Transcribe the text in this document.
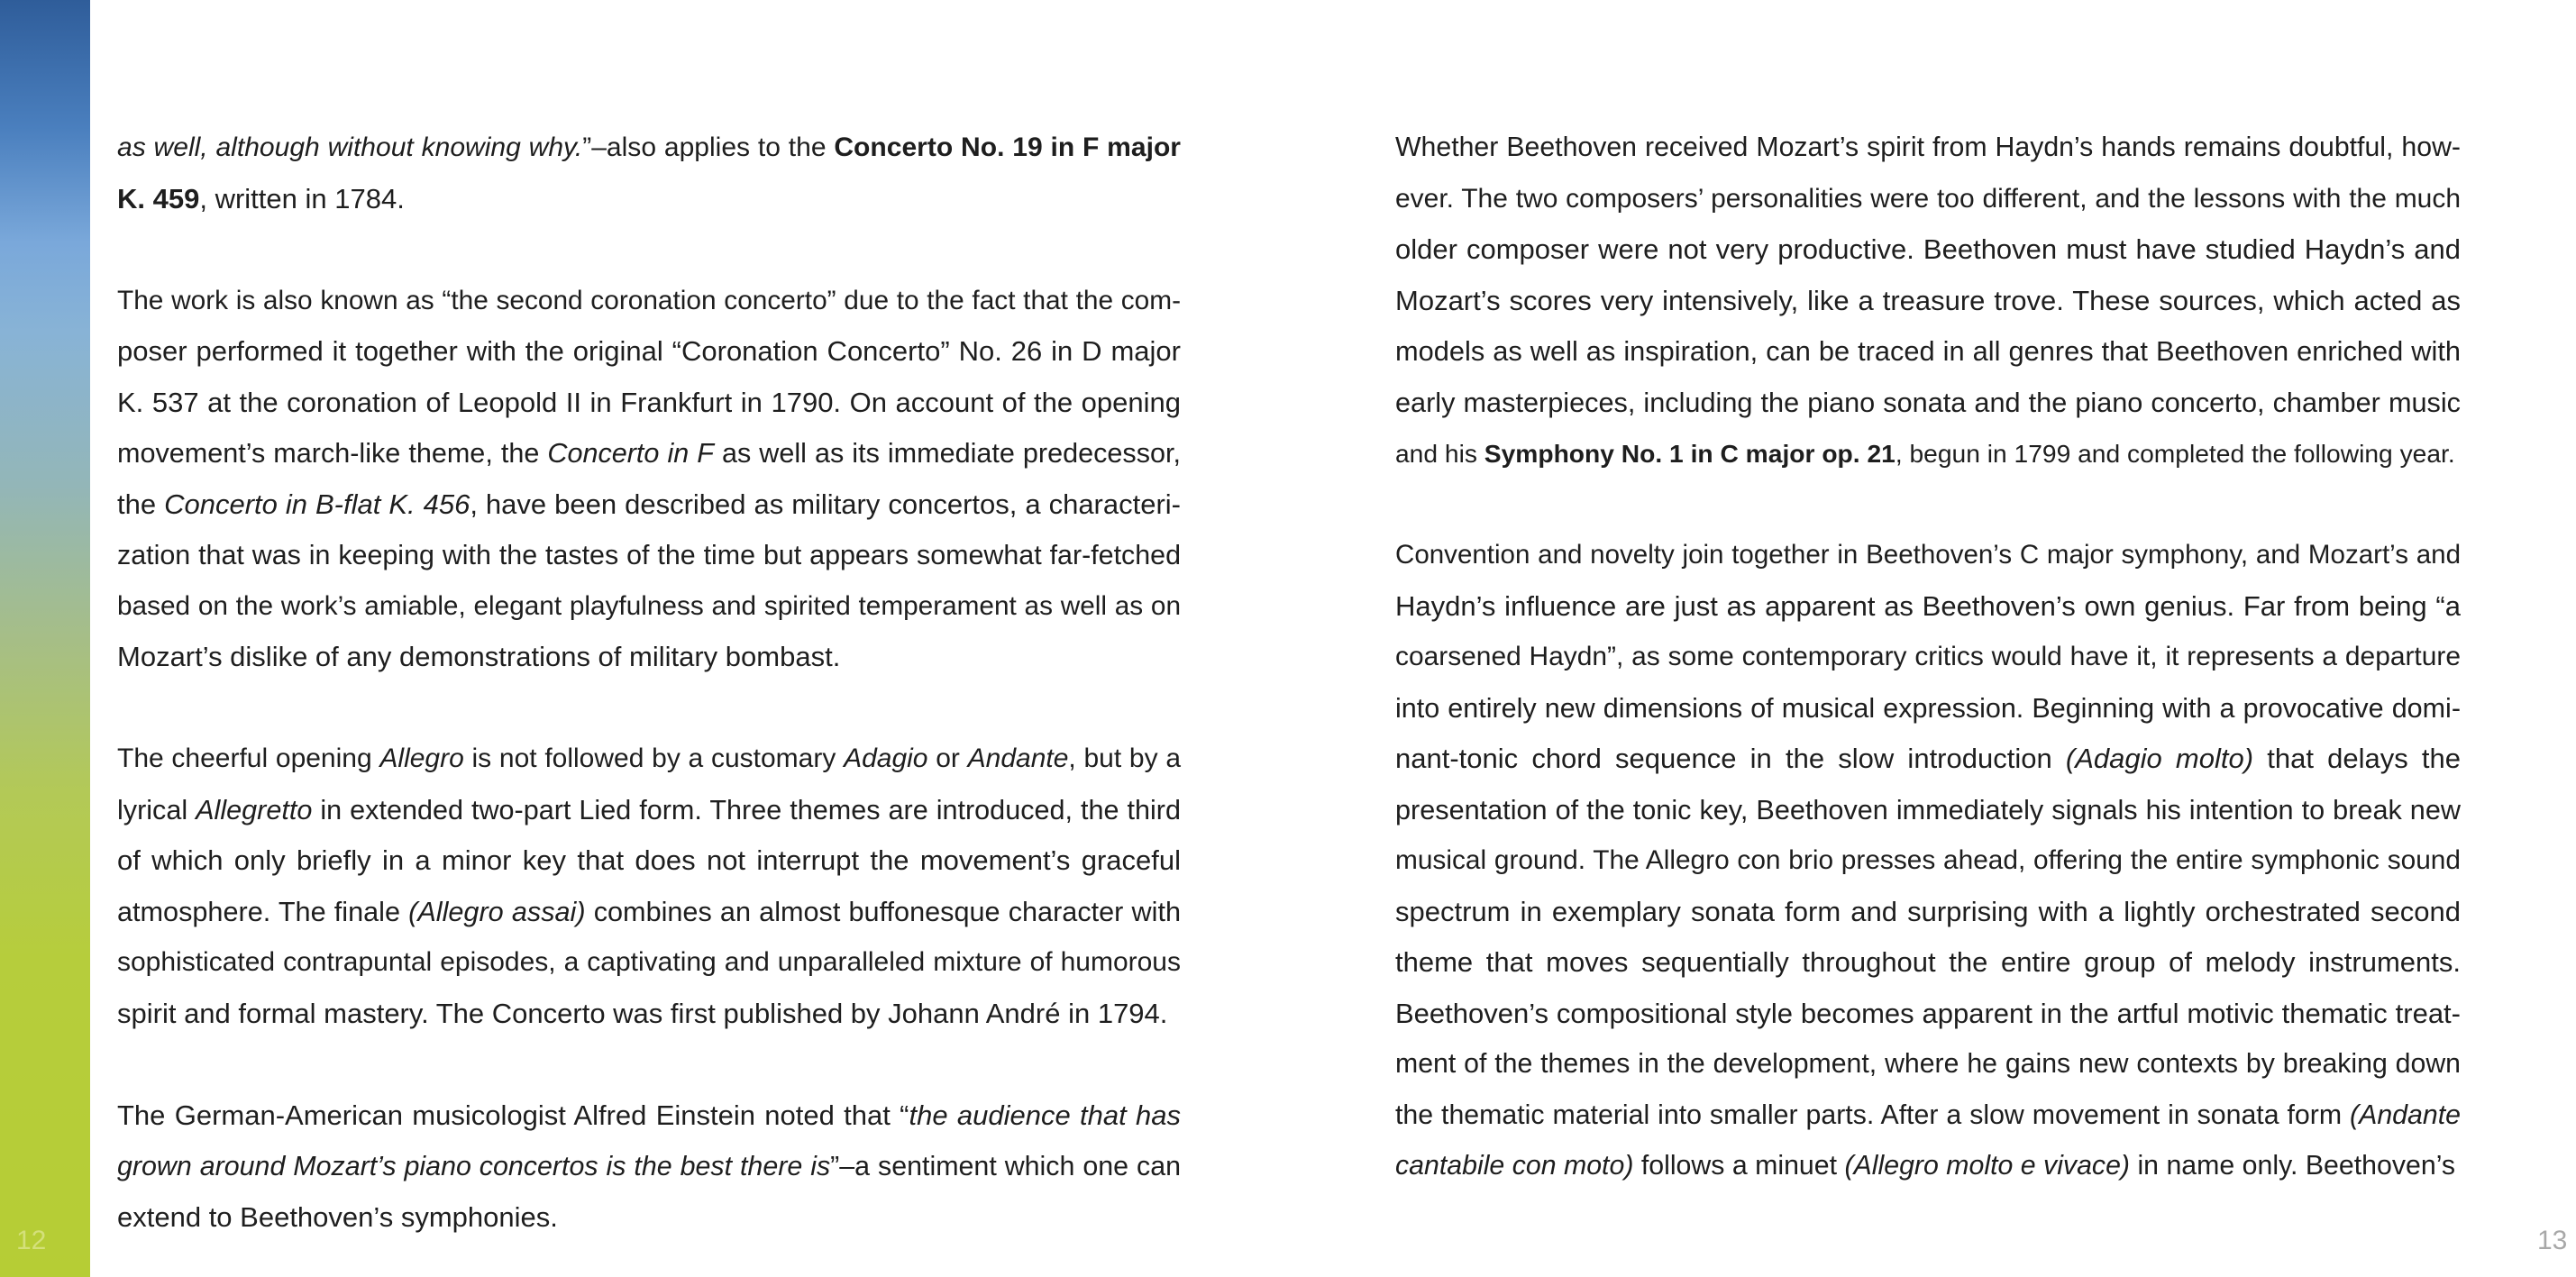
as well, although without knowing why.”–also applies to the Concerto No. 19 in F major
K. 459, written in 1784.

The work is also known as “the second coronation concerto” due to the fact that the com-
poser performed it together with the original “Coronation Concerto” No. 26 in D major
K. 537 at the coronation of Leopold II in Frankfurt in 1790. On account of the opening
movement’s march-like theme, the Concerto in F as well as its immediate predecessor,
the Concerto in B-flat K. 456, have been described as military concertos, a characteri-
zation that was in keeping with the tastes of the time but appears somewhat far-fetched
based on the work’s amiable, elegant playfulness and spirited temperament as well as on
Mozart’s dislike of any demonstrations of military bombast.

The cheerful opening Allegro is not followed by a customary Adagio or Andante, but by a
lyrical Allegretto in extended two-part Lied form. Three themes are introduced, the third
of which only briefly in a minor key that does not interrupt the movement’s graceful
atmosphere. The finale (Allegro assai) combines an almost buffonesque character with
sophisticated contrapuntal episodes, a captivating and unparalleled mixture of humorous
spirit and formal mastery. The Concerto was first published by Johann André in 1794.

The German-American musicologist Alfred Einstein noted that “the audience that has
grown around Mozart’s piano concertos is the best there is”–a sentiment which one can
extend to Beethoven’s symphonies.

Whether Beethoven received Mozart’s spirit from Haydn’s hands remains doubtful, how-
ever. The two composers’ personalities were too different, and the lessons with the much
older composer were not very productive. Beethoven must have studied Haydn’s and
Mozart’s scores very intensively, like a treasure trove. These sources, which acted as
models as well as inspiration, can be traced in all genres that Beethoven enriched with
early masterpieces, including the piano sonata and the piano concerto, chamber music
and his Symphony No. 1 in C major op. 21, begun in 1799 and completed the following year.

Convention and novelty join together in Beethoven’s C major symphony, and Mozart’s and
Haydn’s influence are just as apparent as Beethoven’s own genius. Far from being “a
coarsened Haydn”, as some contemporary critics would have it, it represents a departure
into entirely new dimensions of musical expression. Beginning with a provocative domi-
nant-tonic chord sequence in the slow introduction (Adagio molto) that delays the
presentation of the tonic key, Beethoven immediately signals his intention to break new
musical ground. The Allegro con brio presses ahead, offering the entire symphonic sound
spectrum in exemplary sonata form and surprising with a lightly orchestrated second
theme that moves sequentially throughout the entire group of melody instruments.
Beethoven’s compositional style becomes apparent in the artful motivic thematic treat-
ment of the themes in the development, where he gains new contexts by breaking down
the thematic material into smaller parts. After a slow movement in sonata form (Andante
cantabile con moto) follows a minuet (Allegro molto e vivace) in name only. Beethoven’s

12	13
